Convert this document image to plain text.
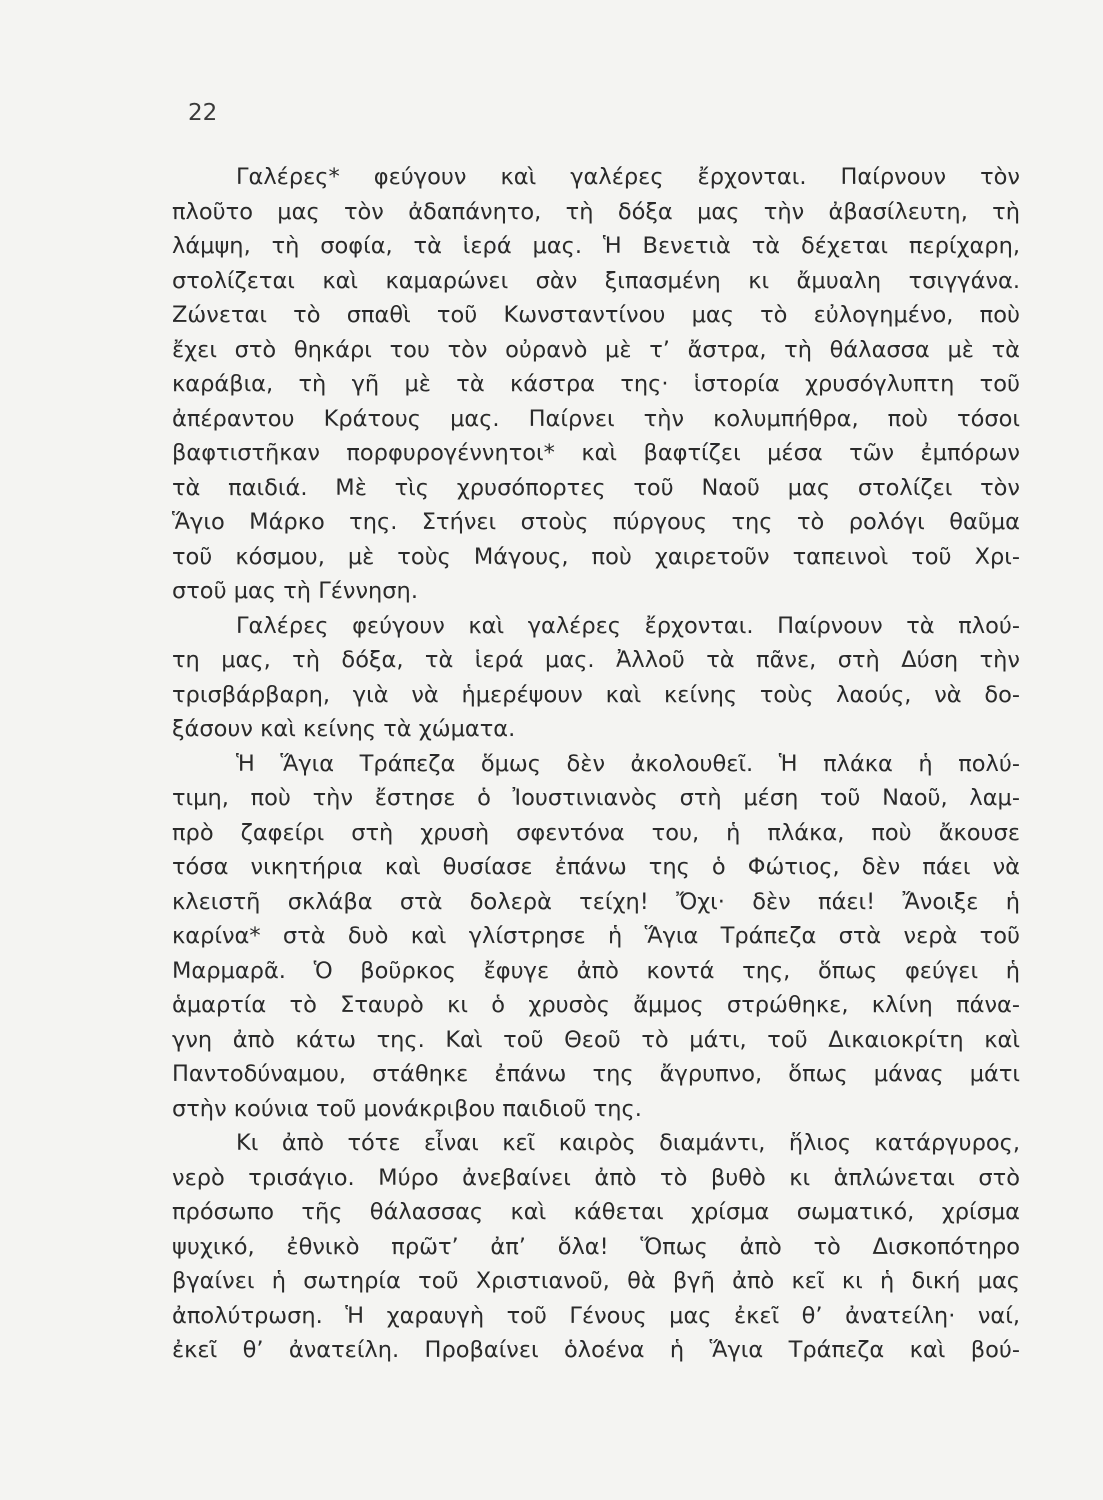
22
Γαλέρες* φεύγουν καὶ γαλέρες ἔρχονται. Παίρνουν τὸν
πλοῦτο μας τὸν ἀδαπάνητο, τὴ δόξα μας τὴν ἀβασίλευτη, τὴ
λάμψη, τὴ σοφία, τὰ ἱερά μας. Ἡ Βενετιὰ τὰ δέχεται περίχαρη,
στολίζεται καὶ καμαρώνει σὰν ξιπασμένη κι ἄμυαλη τσιγγάνα.
Ζώνεται τὸ σπαθὶ τοῦ Κωνσταντίνου μας τὸ εὐλογημένο, ποὺ
ἔχει στὸ θηκάρι του τὸν οὐρανὸ μὲ τ’ ἄστρα, τὴ θάλασσα μὲ τὰ
καράβια, τὴ γῆ μὲ τὰ κάστρα της· ἱστορία χρυσόγλυπτη τοῦ
ἀπέραντου Κράτους μας. Παίρνει τὴν κολυμπήθρα, ποὺ τόσοι
βαφτιστῆκαν πορφυρογέννητοι* καὶ βαφτίζει μέσα τῶν ἐμπόρων
τὰ παιδιά. Μὲ τὶς χρυσόπορτες τοῦ Ναοῦ μας στολίζει τὸν
Ἅγιο Μάρκο της. Στήνει στοὺς πύργους της τὸ ρολόγι θαῦμα
τοῦ κόσμου, μὲ τοὺς Μάγους, ποὺ χαιρετοῦν ταπεινοὶ τοῦ Χρι-
στοῦ μας τὴ Γέννηση.
Γαλέρες φεύγουν καὶ γαλέρες ἔρχονται. Παίρνουν τὰ πλού-
τη μας, τὴ δόξα, τὰ ἱερά μας. Ἀλλοῦ τὰ πᾶνε, στὴ Δύση τὴν
τρισβάρβαρη, γιὰ νὰ ἡμερέψουν καὶ κείνης τοὺς λαούς, νὰ δο-
ξάσουν καὶ κείνης τὰ χώματα.
Ἡ Ἅγια Τράπεζα ὅμως δὲν ἀκολουθεῖ. Ἡ πλάκα ἡ πολύ-
τιμη, ποὺ τὴν ἔστησε ὁ Ἰουστινιανὸς στὴ μέση τοῦ Ναοῦ, λαμ-
πρὸ ζαφείρι στὴ χρυσὴ σφεντόνα του, ἡ πλάκα, ποὺ ἄκουσε
τόσα νικητήρια καὶ θυσίασε ἐπάνω της ὁ Φώτιος, δὲν πάει νὰ
κλειστῆ σκλάβα στὰ δολερὰ τείχη! Ὄχι· δὲν πάει! Ἄνοιξε ἡ
καρίνα* στὰ δυὸ καὶ γλίστρησε ἡ Ἅγια Τράπεζα στὰ νερὰ τοῦ
Μαρμαρᾶ. Ὁ βοῦρκος ἔφυγε ἀπὸ κοντά της, ὅπως φεύγει ἡ
ἁμαρτία τὸ Σταυρὸ κι ὁ χρυσὸς ἄμμος στρώθηκε, κλίνη πάνα-
γνη ἀπὸ κάτω της. Καὶ τοῦ Θεοῦ τὸ μάτι, τοῦ Δικαιοκρίτη καὶ
Παντοδύναμου, στάθηκε ἐπάνω της ἄγρυπνο, ὅπως μάνας μάτι
στὴν κούνια τοῦ μονάκριβου παιδιοῦ της.
Κι ἀπὸ τότε εἶναι κεῖ καιρὸς διαμάντι, ἥλιος κατάργυρος,
νερὸ τρισάγιο. Μύρο ἀνεβαίνει ἀπὸ τὸ βυθὸ κι ἁπλώνεται στὸ
πρόσωπο τῆς θάλασσας καὶ κάθεται χρίσμα σωματικό, χρίσμα
ψυχικό, ἐθνικὸ πρῶτ’ ἀπ’ ὅλα! Ὅπως ἀπὸ τὸ Δισκοπότηρο
βγαίνει ἡ σωτηρία τοῦ Χριστιανοῦ, θὰ βγῆ ἀπὸ κεῖ κι ἡ δική μας
ἀπολύτρωση. Ἡ χαραυγὴ τοῦ Γένους μας ἐκεῖ θ’ ἀνατείλη· ναί,
ἐκεῖ θ’ ἀνατείλη. Προβαίνει ὁλοένα ἡ Ἅγια Τράπεζα καὶ βού-
